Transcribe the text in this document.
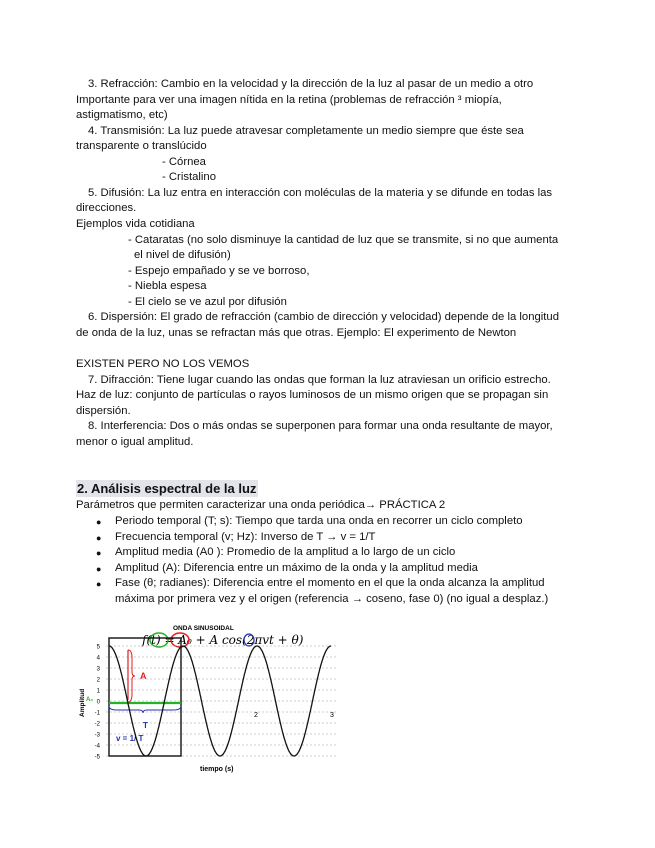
3. Refracción: Cambio en la velocidad y la dirección de la luz al pasar de un medio a otro
Importante para ver una imagen nítida en la retina (problemas de refracción ³ miopía,
astigmatismo, etc)
4. Transmisión: La luz puede atravesar completamente un medio siempre que éste sea
transparente o translúcido
- Córnea
- Cristalino
5. Difusión: La luz entra en interacción con moléculas de la materia y se difunde en todas las
direcciones.
Ejemplos vida cotidiana
- Cataratas (no solo disminuye la cantidad de luz que se transmite, si no que aumenta
el nivel de difusión)
- Espejo empañado y se ve borroso,
- Niebla espesa
- El cielo se ve azul por difusión
6. Dispersión: El grado de refracción (cambio de dirección y velocidad) depende de la longitud
de onda de la luz, unas se refractan más que otras. Ejemplo: El experimento de Newton
EXISTEN PERO NO LOS VEMOS
7. Difracción: Tiene lugar cuando las ondas que forman la luz atraviesan un orificio estrecho.
Haz de luz: conjunto de partículas o rayos luminosos de un mismo origen que se propagan sin
dispersión.
8. Interferencia: Dos o más ondas se superponen para formar una onda resultante de mayor,
menor o igual amplitud.
2. Análisis espectral de la luz
Parámetros que permiten caracterizar una onda periódica→ PRÁCTICA 2
● Periodo temporal (T; s): Tiempo que tarda una onda en recorrer un ciclo completo
● Frecuencia temporal (v; Hz): Inverso de T → v = 1/T
● Amplitud media (A0 ): Promedio de la amplitud a lo largo de un ciclo
● Amplitud (A): Diferencia entre un máximo de la onda y la amplitud media
● Fase (θ; radianes): Diferencia entre el momento en el que la onda alcanza la amplitud
máxima por primera vez y el origen (referencia → coseno, fase 0) (no igual a desplaz.)
ONDA SINUSOIDAL
f(t) = A₀ + A cos(2πvt + θ)
5
4
3
2
1
0
-1
-2
-3
-4
-5
A
A₀
T
v = 1/ T
2	3
Amplitud
tiempo (s)
